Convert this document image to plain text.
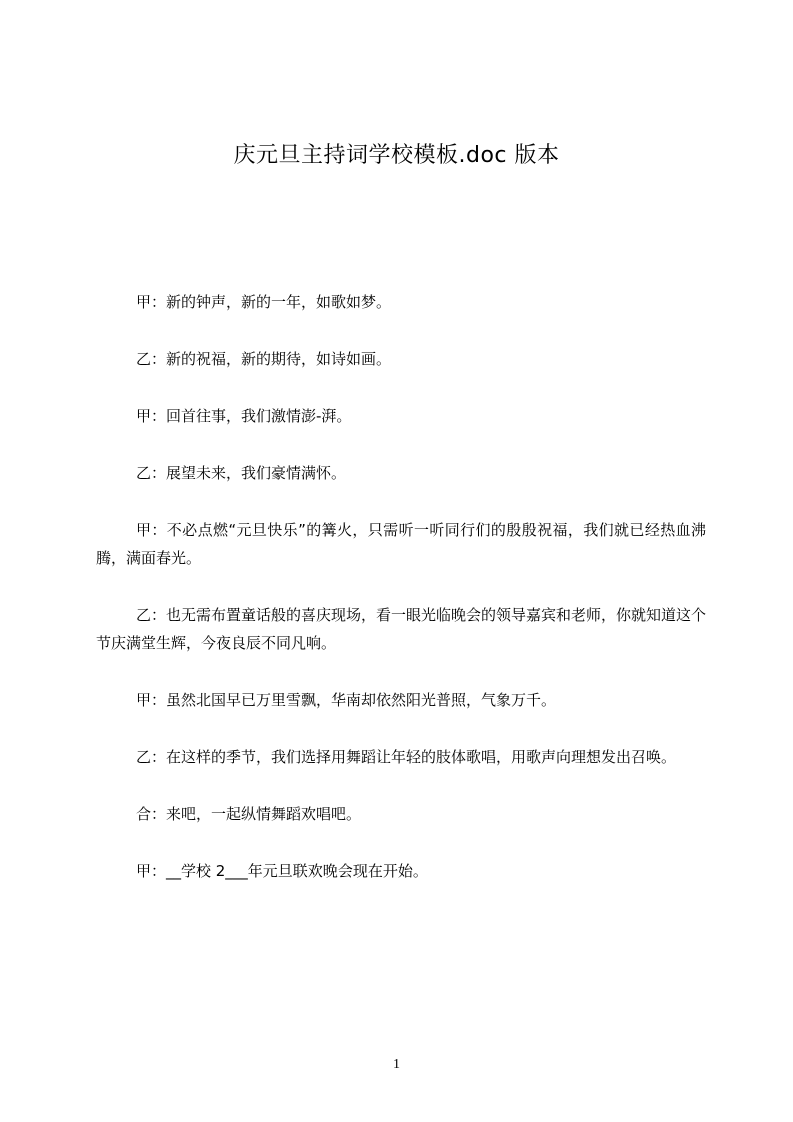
庆元旦主持词学校模板.doc 版本

甲：新的钟声，新的一年，如歌如梦。

乙：新的祝福，新的期待，如诗如画。

甲：回首往事，我们激情澎-湃。

乙：展望未来，我们豪情满怀。

甲：不必点燃“元旦快乐”的篝火，只需听一听同行们的殷殷祝福，我们就已经热血沸腾，满面春光。

乙：也无需布置童话般的喜庆现场，看一眼光临晚会的领导嘉宾和老师，你就知道这个节庆满堂生辉，今夜良辰不同凡响。

甲：虽然北国早已万里雪飘，华南却依然阳光普照，气象万千。

乙：在这样的季节，我们选择用舞蹈让年轻的肢体歌唱，用歌声向理想发出召唤。

合：来吧，一起纵情舞蹈欢唱吧。

甲：__学校 2___年元旦联欢晚会现在开始。

1
